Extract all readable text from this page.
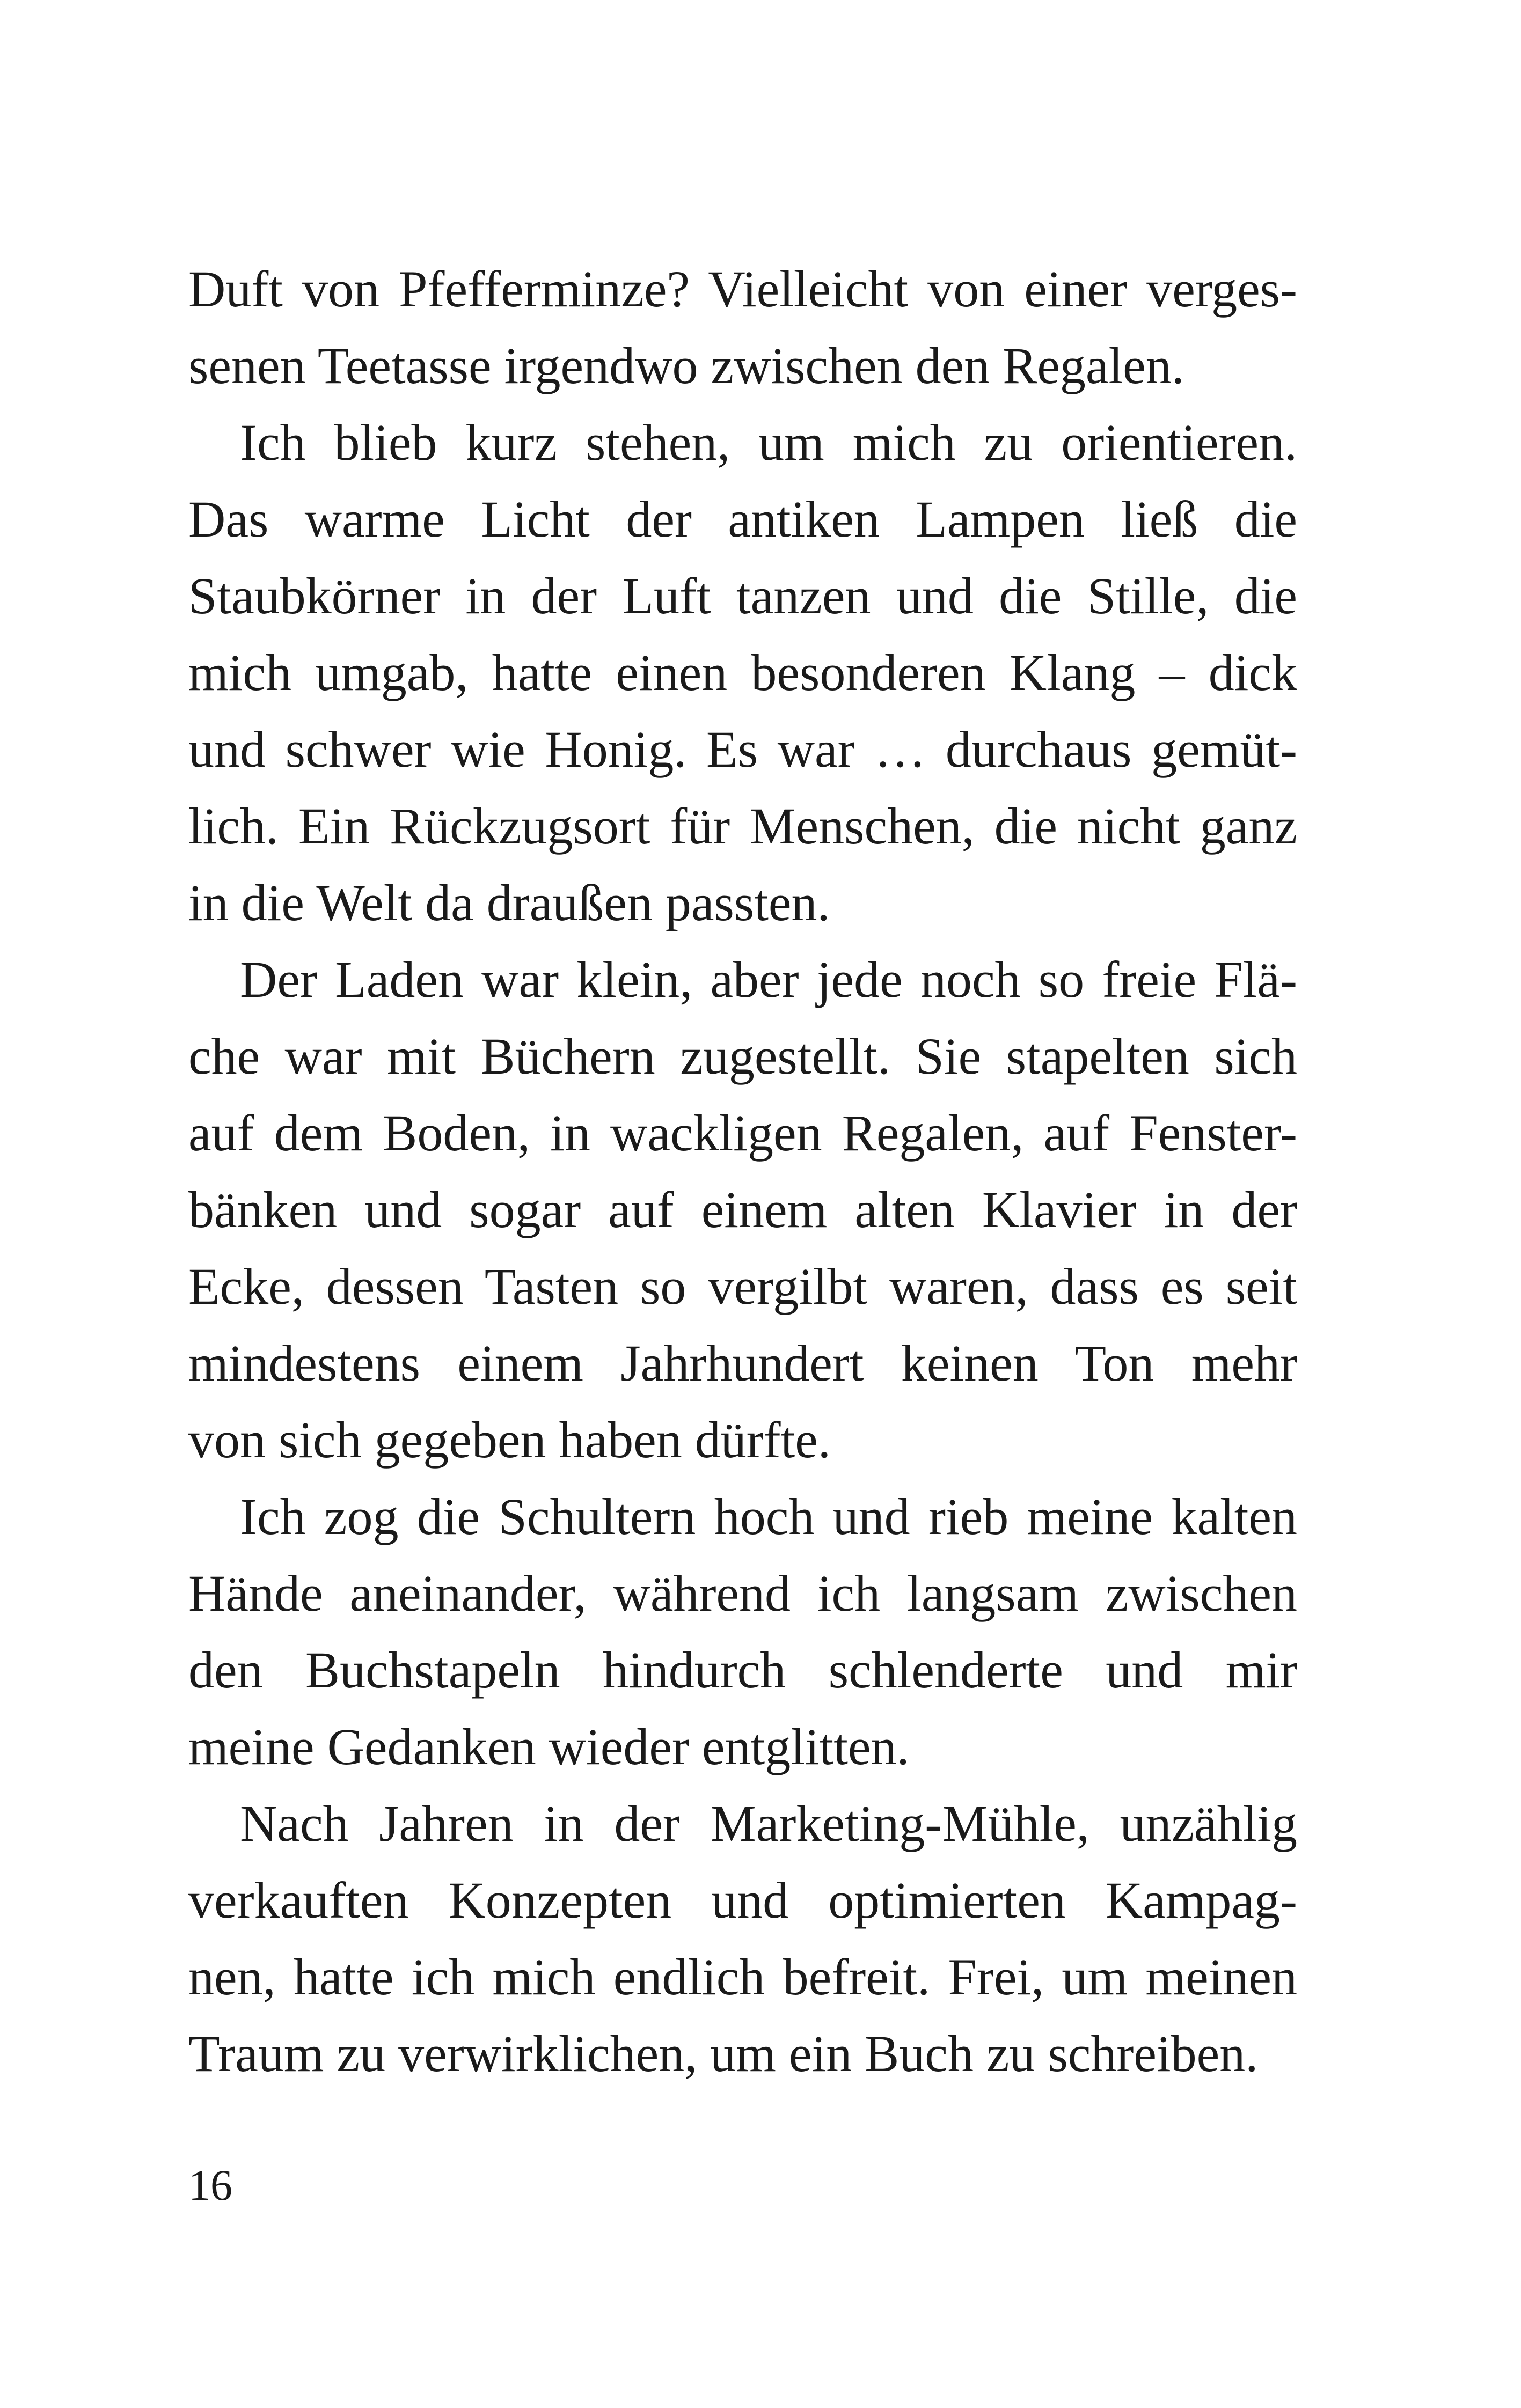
Duft von Pfefferminze? Vielleicht von einer verges-
senen Teetasse irgendwo zwischen den Regalen.
Ich blieb kurz stehen, um mich zu orientieren.
Das warme Licht der antiken Lampen ließ die
Staubkörner in der Luft tanzen und die Stille, die
mich umgab, hatte einen besonderen Klang – dick
und schwer wie Honig. Es war … durchaus gemüt-
lich. Ein Rückzugsort für Menschen, die nicht ganz
in die Welt da draußen passten.
Der Laden war klein, aber jede noch so freie Flä-
che war mit Büchern zugestellt. Sie stapelten sich
auf dem Boden, in wackligen Regalen, auf Fenster-
bänken und sogar auf einem alten Klavier in der
Ecke, dessen Tasten so vergilbt waren, dass es seit
mindestens einem Jahrhundert keinen Ton mehr
von sich gegeben haben dürfte.
Ich zog die Schultern hoch und rieb meine kalten
Hände aneinander, während ich langsam zwischen
den Buchstapeln hindurch schlenderte und mir
meine Gedanken wieder entglitten.
Nach Jahren in der Marketing-Mühle, unzählig
verkauften Konzepten und optimierten Kampag-
nen, hatte ich mich endlich befreit. Frei, um meinen
Traum zu verwirklichen, um ein Buch zu schreiben.
16
